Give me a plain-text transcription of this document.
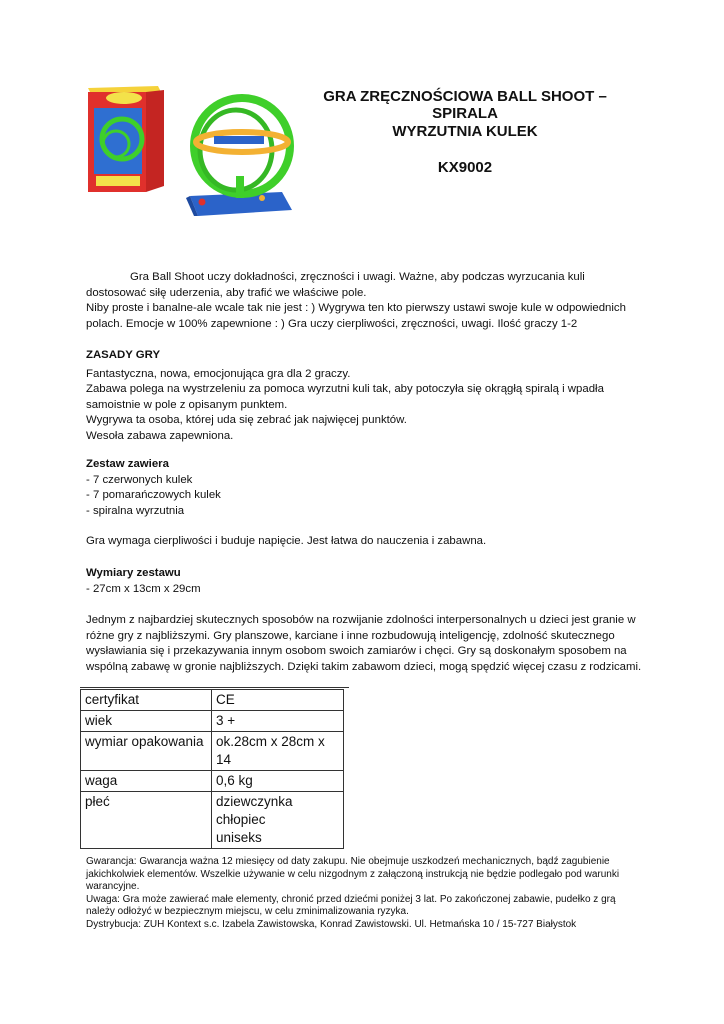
GRA ZRĘCZNOŚCIOWA BALL SHOOT – SPIRALA
WYRZUTNIA KULEK
KX9002

Gra Ball Shoot uczy dokładności, zręczności i uwagi. Ważne, aby podczas wyrzucania kuli dostosować siłę uderzenia, aby trafić we właściwe pole.

Niby proste i banalne-ale wcale tak nie jest : ) Wygrywa ten kto pierwszy ustawi swoje kule w odpowiednich polach. Emocje w 100% zapewnione : ) Gra uczy cierpliwości, zręczności, uwagi. Ilość graczy 1-2

ZASADY GRY

Fantastyczna, nowa, emocjonująca gra dla 2 graczy.

Zabawa polega na wystrzeleniu za pomoca wyrzutni kuli tak, aby potoczyła się okrągłą spiralą i wpadła samoistnie w pole z opisanym punktem.

Wygrywa ta osoba, której uda się zebrać jak najwięcej punktów.

Wesoła zabawa zapewniona.

Zestaw zawiera

- 7 czerwonych kulek

- 7 pomarańczowych kulek

- spiralna wyrzutnia

Gra wymaga cierpliwości i buduje napięcie. Jest łatwa do nauczenia i zabawna.

Wymiary zestawu

- 27cm x 13cm x 29cm

Jednym z najbardziej skutecznych sposobów na rozwijanie zdolności interpersonalnych u dzieci jest granie w różne gry z najbliższymi. Gry planszowe, karciane i inne rozbudowują inteligencję, zdolność skutecznego wysławiania się i przekazywania innym osobom swoich zamiarów i chęci. Gry są doskonałym sposobem na wspólną zabawę w gronie najbliższych. Dzięki takim zabawom dzieci, mogą spędzić więcej czasu z rodzicami.

certyfikat	CE
wiek	3 +
wymiar opakowania	ok.28cm x 28cm x 14
waga	0,6 kg
płeć	dziewczynka
chłopiec
uniseks

Gwarancja: Gwarancja ważna 12 miesięcy od daty zakupu. Nie obejmuje uszkodzeń mechanicznych, bądź zagubienie jakichkolwiek elementów. Wszelkie używanie w celu nizgodnym z załączoną instrukcją nie będzie podlegało pod warunki warancyjne.

Uwaga: Gra może zawierać małe elementy, chronić przed dziećmi poniżej 3 lat. Po zakończonej zabawie, pudełko z grą należy odłożyć w bezpiecznym miejscu, w celu zminimalizowania ryzyka.

Dystrybucja: ZUH Kontext s.c. Izabela Zawistowska, Konrad Zawistowski. Ul. Hetmańska 10 / 15-727 Białystok
